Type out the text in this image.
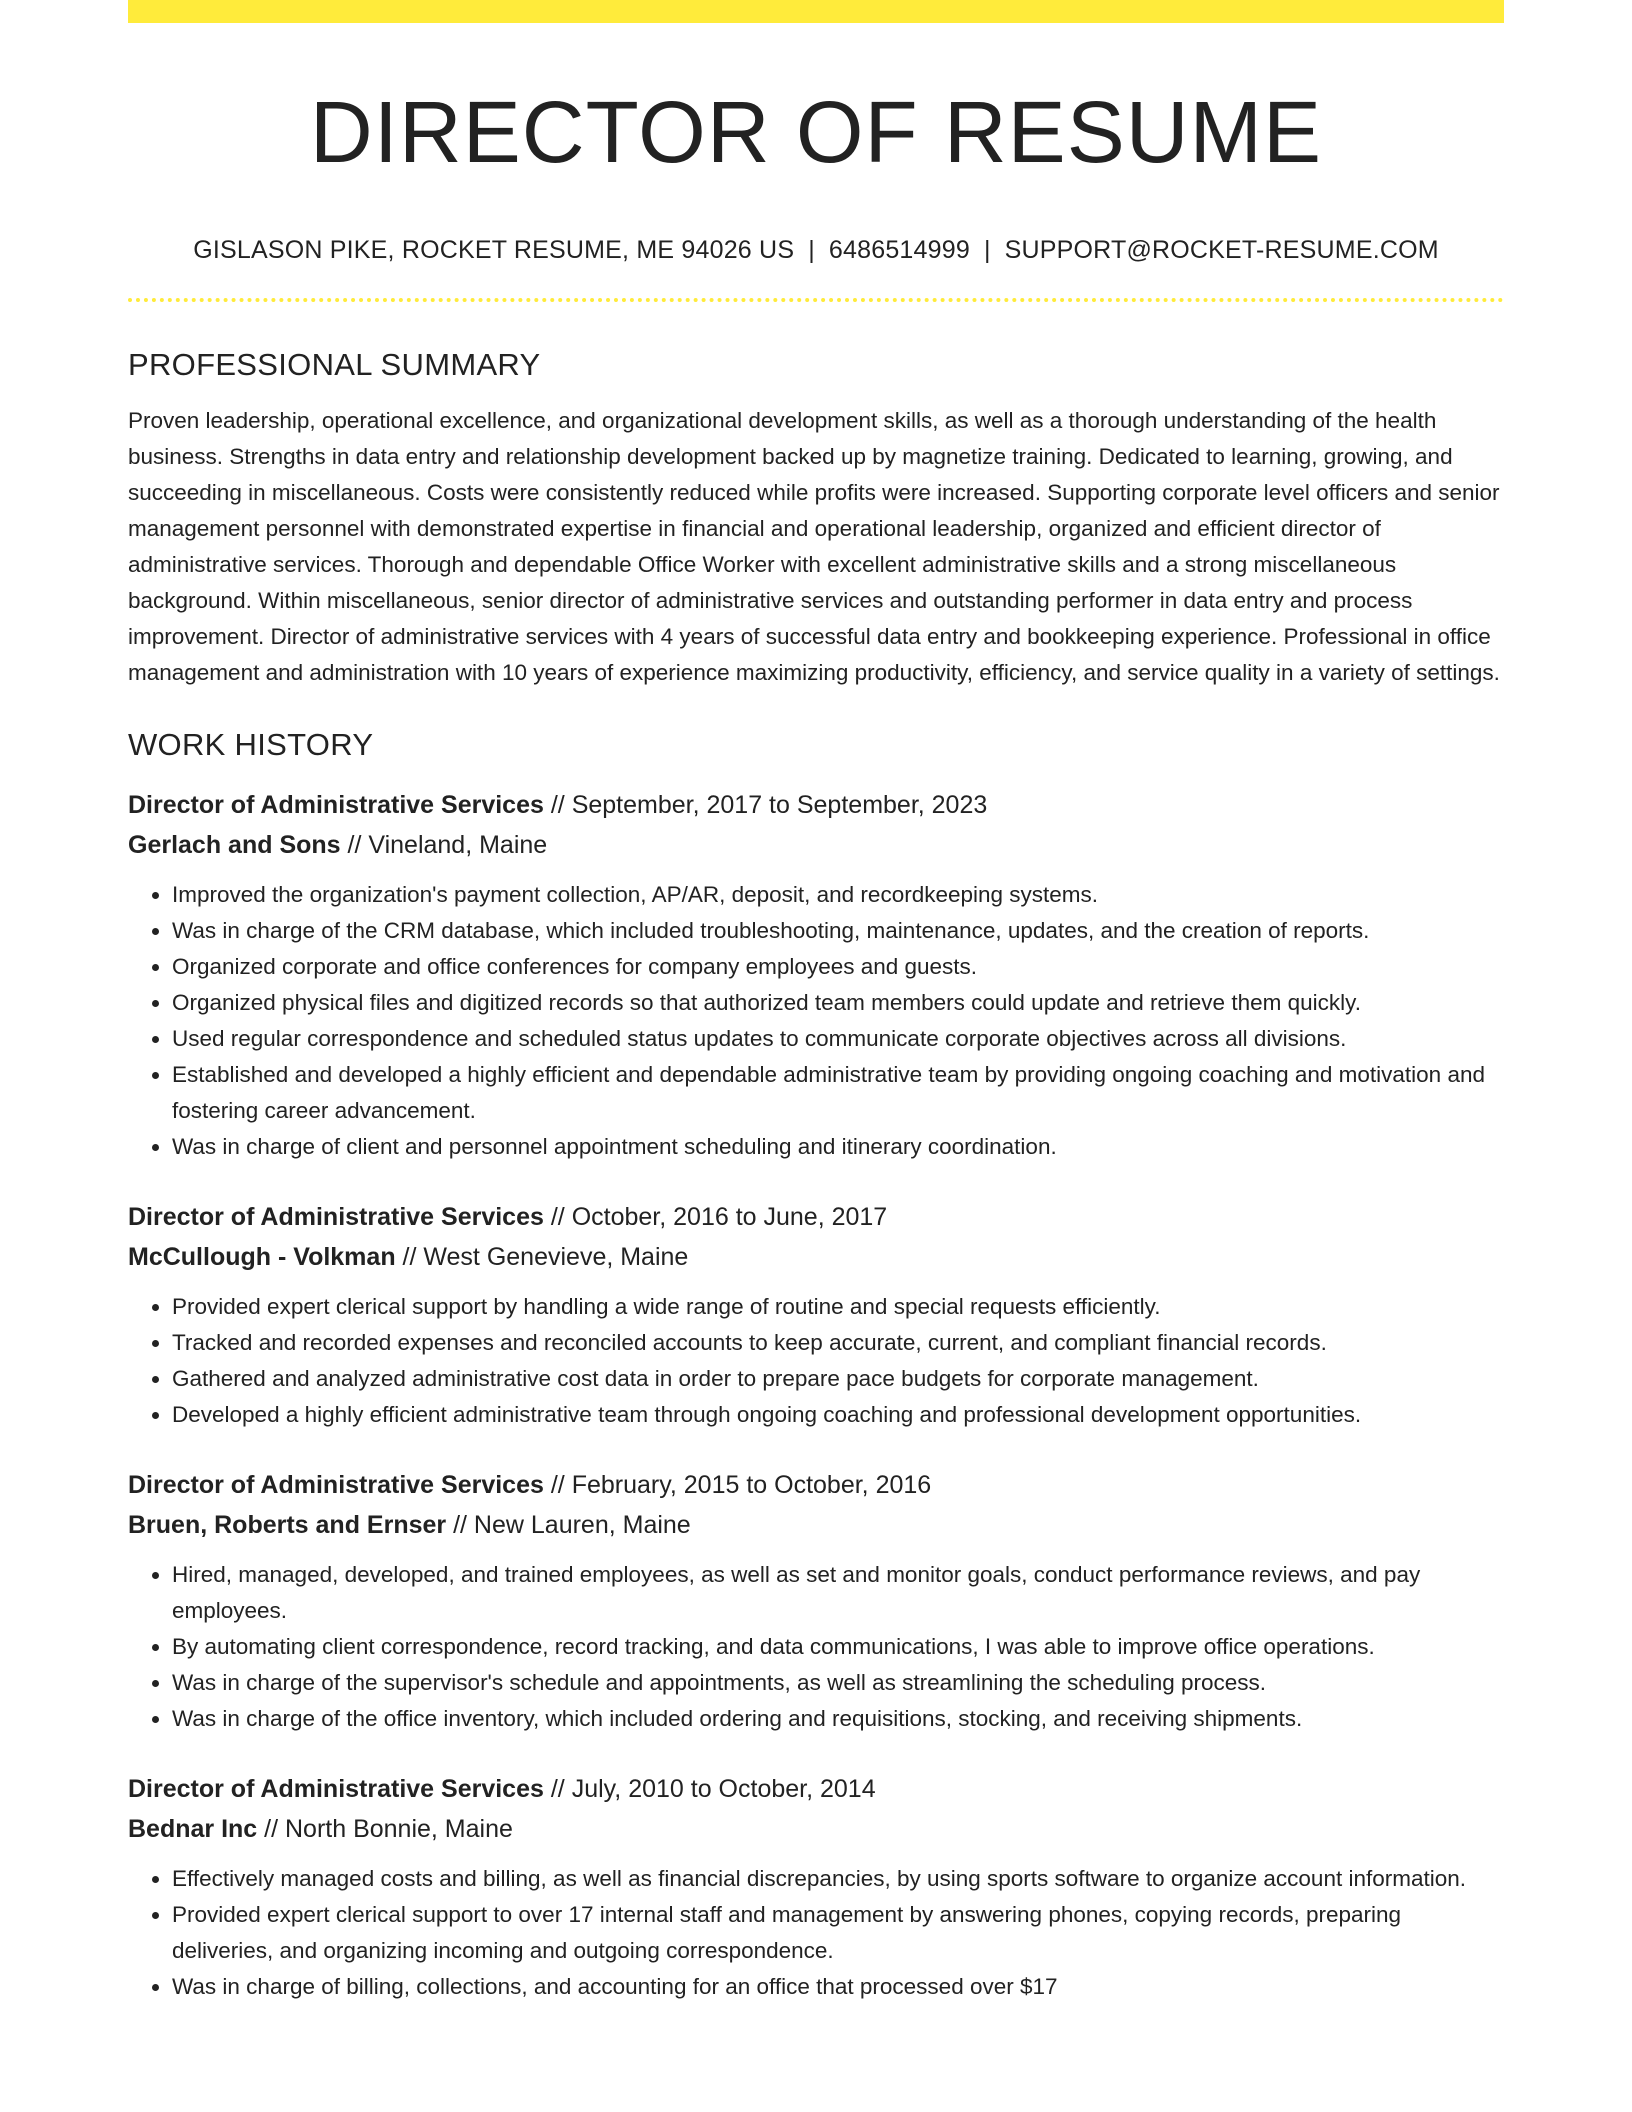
DIRECTOR OF RESUME
GISLASON PIKE, ROCKET RESUME, ME 94026 US | 6486514999 | SUPPORT@ROCKET-RESUME.COM
PROFESSIONAL SUMMARY
Proven leadership, operational excellence, and organizational development skills, as well as a thorough understanding of the health business. Strengths in data entry and relationship development backed up by magnetize training. Dedicated to learning, growing, and succeeding in miscellaneous. Costs were consistently reduced while profits were increased. Supporting corporate level officers and senior management personnel with demonstrated expertise in financial and operational leadership, organized and efficient director of administrative services. Thorough and dependable Office Worker with excellent administrative skills and a strong miscellaneous background. Within miscellaneous, senior director of administrative services and outstanding performer in data entry and process improvement. Director of administrative services with 4 years of successful data entry and bookkeeping experience. Professional in office management and administration with 10 years of experience maximizing productivity, efficiency, and service quality in a variety of settings.
WORK HISTORY
Director of Administrative Services // September, 2017 to September, 2023
Gerlach and Sons // Vineland, Maine
• Improved the organization's payment collection, AP/AR, deposit, and recordkeeping systems.
• Was in charge of the CRM database, which included troubleshooting, maintenance, updates, and the creation of reports.
• Organized corporate and office conferences for company employees and guests.
• Organized physical files and digitized records so that authorized team members could update and retrieve them quickly.
• Used regular correspondence and scheduled status updates to communicate corporate objectives across all divisions.
• Established and developed a highly efficient and dependable administrative team by providing ongoing coaching and motivation and fostering career advancement.
• Was in charge of client and personnel appointment scheduling and itinerary coordination.
Director of Administrative Services // October, 2016 to June, 2017
McCullough - Volkman // West Genevieve, Maine
• Provided expert clerical support by handling a wide range of routine and special requests efficiently.
• Tracked and recorded expenses and reconciled accounts to keep accurate, current, and compliant financial records.
• Gathered and analyzed administrative cost data in order to prepare pace budgets for corporate management.
• Developed a highly efficient administrative team through ongoing coaching and professional development opportunities.
Director of Administrative Services // February, 2015 to October, 2016
Bruen, Roberts and Ernser // New Lauren, Maine
• Hired, managed, developed, and trained employees, as well as set and monitor goals, conduct performance reviews, and pay employees.
• By automating client correspondence, record tracking, and data communications, I was able to improve office operations.
• Was in charge of the supervisor's schedule and appointments, as well as streamlining the scheduling process.
• Was in charge of the office inventory, which included ordering and requisitions, stocking, and receiving shipments.
Director of Administrative Services // July, 2010 to October, 2014
Bednar Inc // North Bonnie, Maine
• Effectively managed costs and billing, as well as financial discrepancies, by using sports software to organize account information.
• Provided expert clerical support to over 17 internal staff and management by answering phones, copying records, preparing deliveries, and organizing incoming and outgoing correspondence.
• Was in charge of billing, collections, and accounting for an office that processed over $17
